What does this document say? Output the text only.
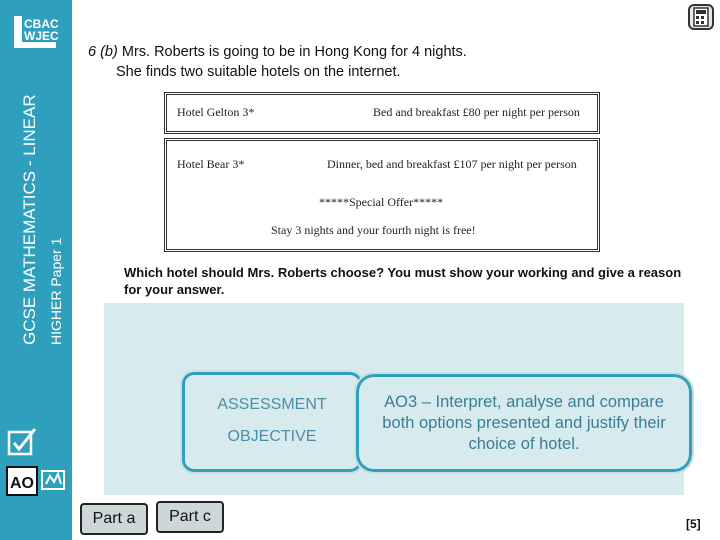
CBAC
WJEC
GCSE MATHEMATICS - LINEAR HIGHER Paper 1
AO
6 (b) Mrs. Roberts is going to be in Hong Kong for 4 nights.
She finds two suitable hotels on the internet.
Hotel Gelton 3*	Bed and breakfast £80 per night per person
Hotel Bear 3*	Dinner, bed and breakfast £107 per night per person
*****Special Offer*****
Stay 3 nights and your fourth night is free!
Which hotel should Mrs. Roberts choose? You must show your working and give a reason for your answer.
ASSESSMENT
OBJECTIVE
AO3 – Interpret, analyse and compare both options presented and justify their choice of hotel.
Part a	Part c	[5]
